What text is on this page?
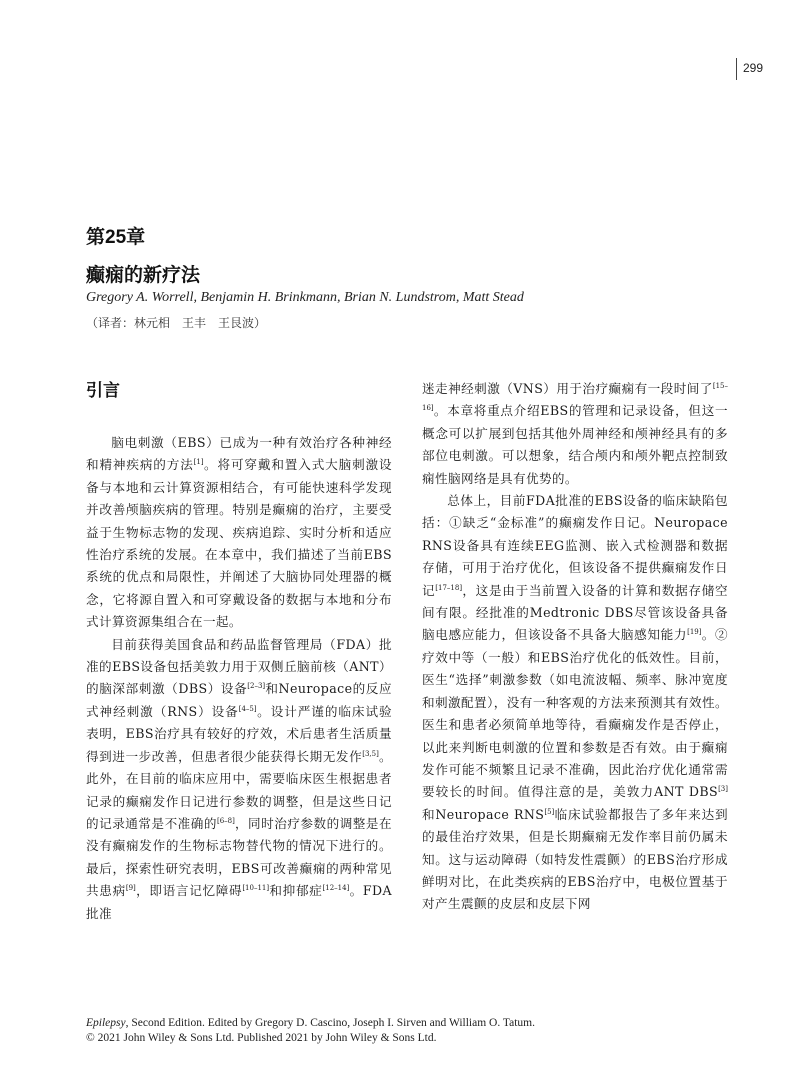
299
第25章
癫痫的新疗法
Gregory A. Worrell, Benjamin H. Brinkmann, Brian N. Lundstrom, Matt Stead
（译者：林元相　王丰　王艮波）
引言

脑电刺激（EBS）已成为一种有效治疗各种神经和精神疾病的方法[1]。将可穿戴和置入式大脑刺激设备与本地和云计算资源相结合，有可能快速科学发现并改善颅脑疾病的管理。特别是癫痫的治疗，主要受益于生物标志物的发现、疾病追踪、实时分析和适应性治疗系统的发展。在本章中，我们描述了当前EBS系统的优点和局限性，并阐述了大脑协同处理器的概念，它将源自置入和可穿戴设备的数据与本地和分布式计算资源集组合在一起。

目前获得美国食品和药品监督管理局（FDA）批准的EBS设备包括美敦力用于双侧丘脑前核（ANT）的脑深部刺激（DBS）设备[2–3]和Neuropace的反应式神经刺激（RNS）设备[4–5]。设计严谨的临床试验表明，EBS治疗具有较好的疗效，术后患者生活质量得到进一步改善，但患者很少能获得长期无发作[3,5]。此外，在目前的临床应用中，需要临床医生根据患者记录的癫痫发作日记进行参数的调整，但是这些日记的记录通常是不准确的[6–8]，同时治疗参数的调整是在没有癫痫发作的生物标志物替代物的情况下进行的。最后，探索性研究表明，EBS可改善癫痫的两种常见共患病[9]，即语言记忆障碍[10–11]和抑郁症[12–14]。FDA批准

迷走神经刺激（VNS）用于治疗癫痫有一段时间了[15–16]。本章将重点介绍EBS的管理和记录设备，但这一概念可以扩展到包括其他外周神经和颅神经具有的多部位电刺激。可以想象，结合颅内和颅外靶点控制致痫性脑网络是具有优势的。

总体上，目前FDA批准的EBS设备的临床缺陷包括：①缺乏“金标准”的癫痫发作日记。Neuropace RNS设备具有连续EEG监测、嵌入式检测器和数据存储，可用于治疗优化，但该设备不提供癫痫发作日记[17–18]，这是由于当前置入设备的计算和数据存储空间有限。经批准的Medtronic DBS尽管该设备具备脑电感应能力，但该设备不具备大脑感知能力[19]。②疗效中等（一般）和EBS治疗优化的低效性。目前，医生“选择”刺激参数（如电流波幅、频率、脉冲宽度和刺激配置），没有一种客观的方法来预测其有效性。医生和患者必须简单地等待，看癫痫发作是否停止，以此来判断电刺激的位置和参数是否有效。由于癫痫发作可能不频繁且记录不准确，因此治疗优化通常需要较长的时间。值得注意的是，美敦力ANT DBS[3]和Neuropace RNS[5]临床试验都报告了多年来达到的最佳治疗效果，但是长期癫痫无发作率目前仍属未知。这与运动障碍（如特发性震颤）的EBS治疗形成鲜明对比，在此类疾病的EBS治疗中，电极位置基于对产生震颤的皮层和皮层下网

Epilepsy, Second Edition. Edited by Gregory D. Cascino, Joseph I. Sirven and William O. Tatum.
© 2021 John Wiley & Sons Ltd. Published 2021 by John Wiley & Sons Ltd.
